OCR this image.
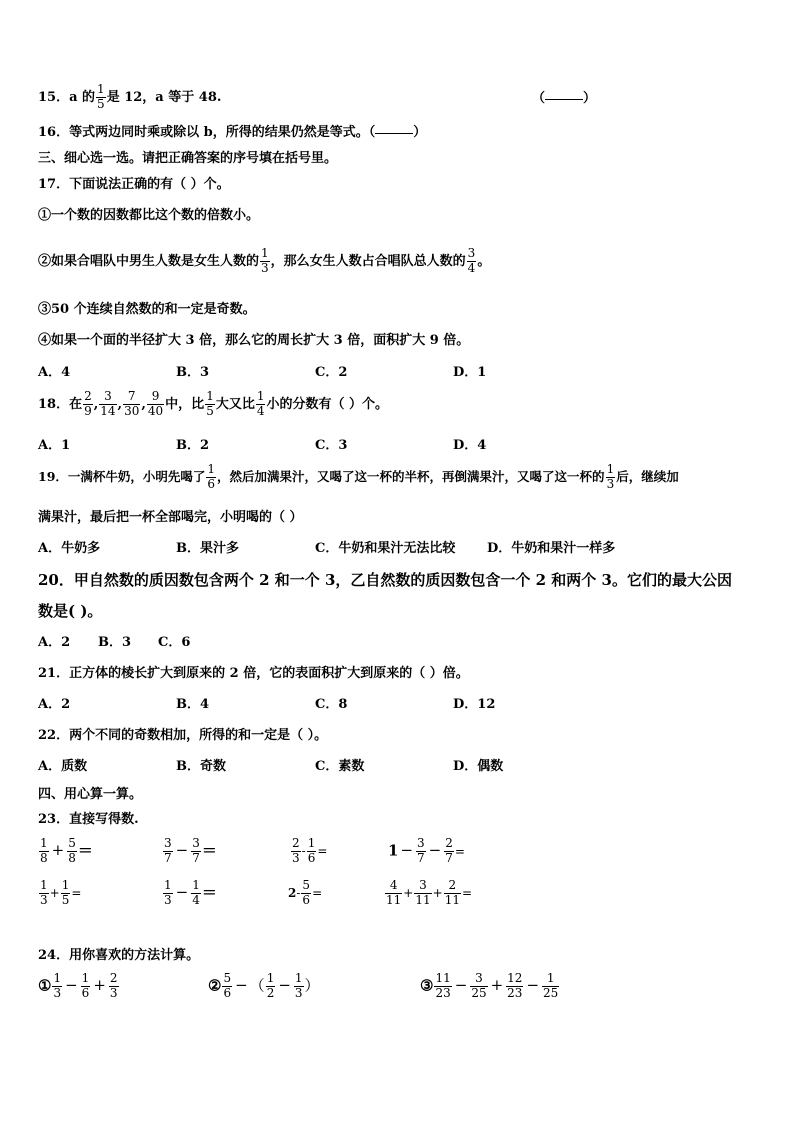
15．a 的 $\frac{1}{5}$ 是 12，a 等于 48.	（	）
16．等式两边同时乘或除以 b，所得的结果仍然是等式。（	）
三、细心选一选。请把正确答案的序号填在括号里。
17．下面说法正确的有（ ）个。
①一个数的因数都比这个数的倍数小。
②如果合唱队中男生人数是女生人数的 $\frac{1}{3}$ ，那么女生人数占合唱队总人数的 $\frac{3}{4}$ 。
③50 个连续自然数的和一定是奇数。
④如果一个面的半径扩大 3 倍，那么它的周长扩大 3 倍，面积扩大 9 倍。
A．4	B．3	C．2	D．1
18．在 $\frac{2}{9}$ , $\frac{3}{14}$ , $\frac{7}{30}$ , $\frac{9}{40}$ 中，比 $\frac{1}{5}$ 大又比 $\frac{1}{4}$ 小的分数有（ ）个。
A．1	B．2	C．3	D．4
19．一满杯牛奶，小明先喝了 $\frac{1}{6}$ ，然后加满果汁，又喝了这一杯的半杯，再倒满果汁，又喝了这一杯的 $\frac{1}{3}$ 后，继续加
满果汁，最后把一杯全部喝完，小明喝的（ ）
A．牛奶多	B．果汁多	C．牛奶和果汁无法比较 D．牛奶和果汁一样多
20．甲自然数的质因数包含两个 2 和一个 3，乙自然数的质因数包含一个 2 和两个 3。它们的最大公因
数是( )。
A．2 B．3 C．6
21．正方体的棱长扩大到原来的 2 倍，它的表面积扩大到原来的（ ）倍。
A．2	B．4	C．8	D．12
22．两个不同的奇数相加，所得的和一定是（ ）。
A．质数	B．奇数	C．素数	D．偶数
四、用心算一算。
23．直接写得数.
$\frac{1}{8} + \frac{5}{8}$ ＝	$\frac{3}{7} - \frac{3}{7}$ ＝	$\frac{2}{3} - \frac{1}{6}$ =	$1 - \frac{3}{7} - \frac{2}{7}$ =
$\frac{1}{3} + \frac{1}{5}$ =	$\frac{1}{3} - \frac{1}{4}$ ＝	$2- \frac{5}{6}$ =	$\frac{4}{11} + \frac{3}{11} + \frac{2}{11}$ =
24．用你喜欢的方法计算。
① $\frac{1}{3} - \frac{1}{6} + \frac{2}{3}$	② $\frac{5}{6}$ − （ $\frac{1}{2} - \frac{1}{3}$ ）	③ $\frac{11}{23} - \frac{3}{25} + \frac{12}{23} - \frac{1}{25}$
